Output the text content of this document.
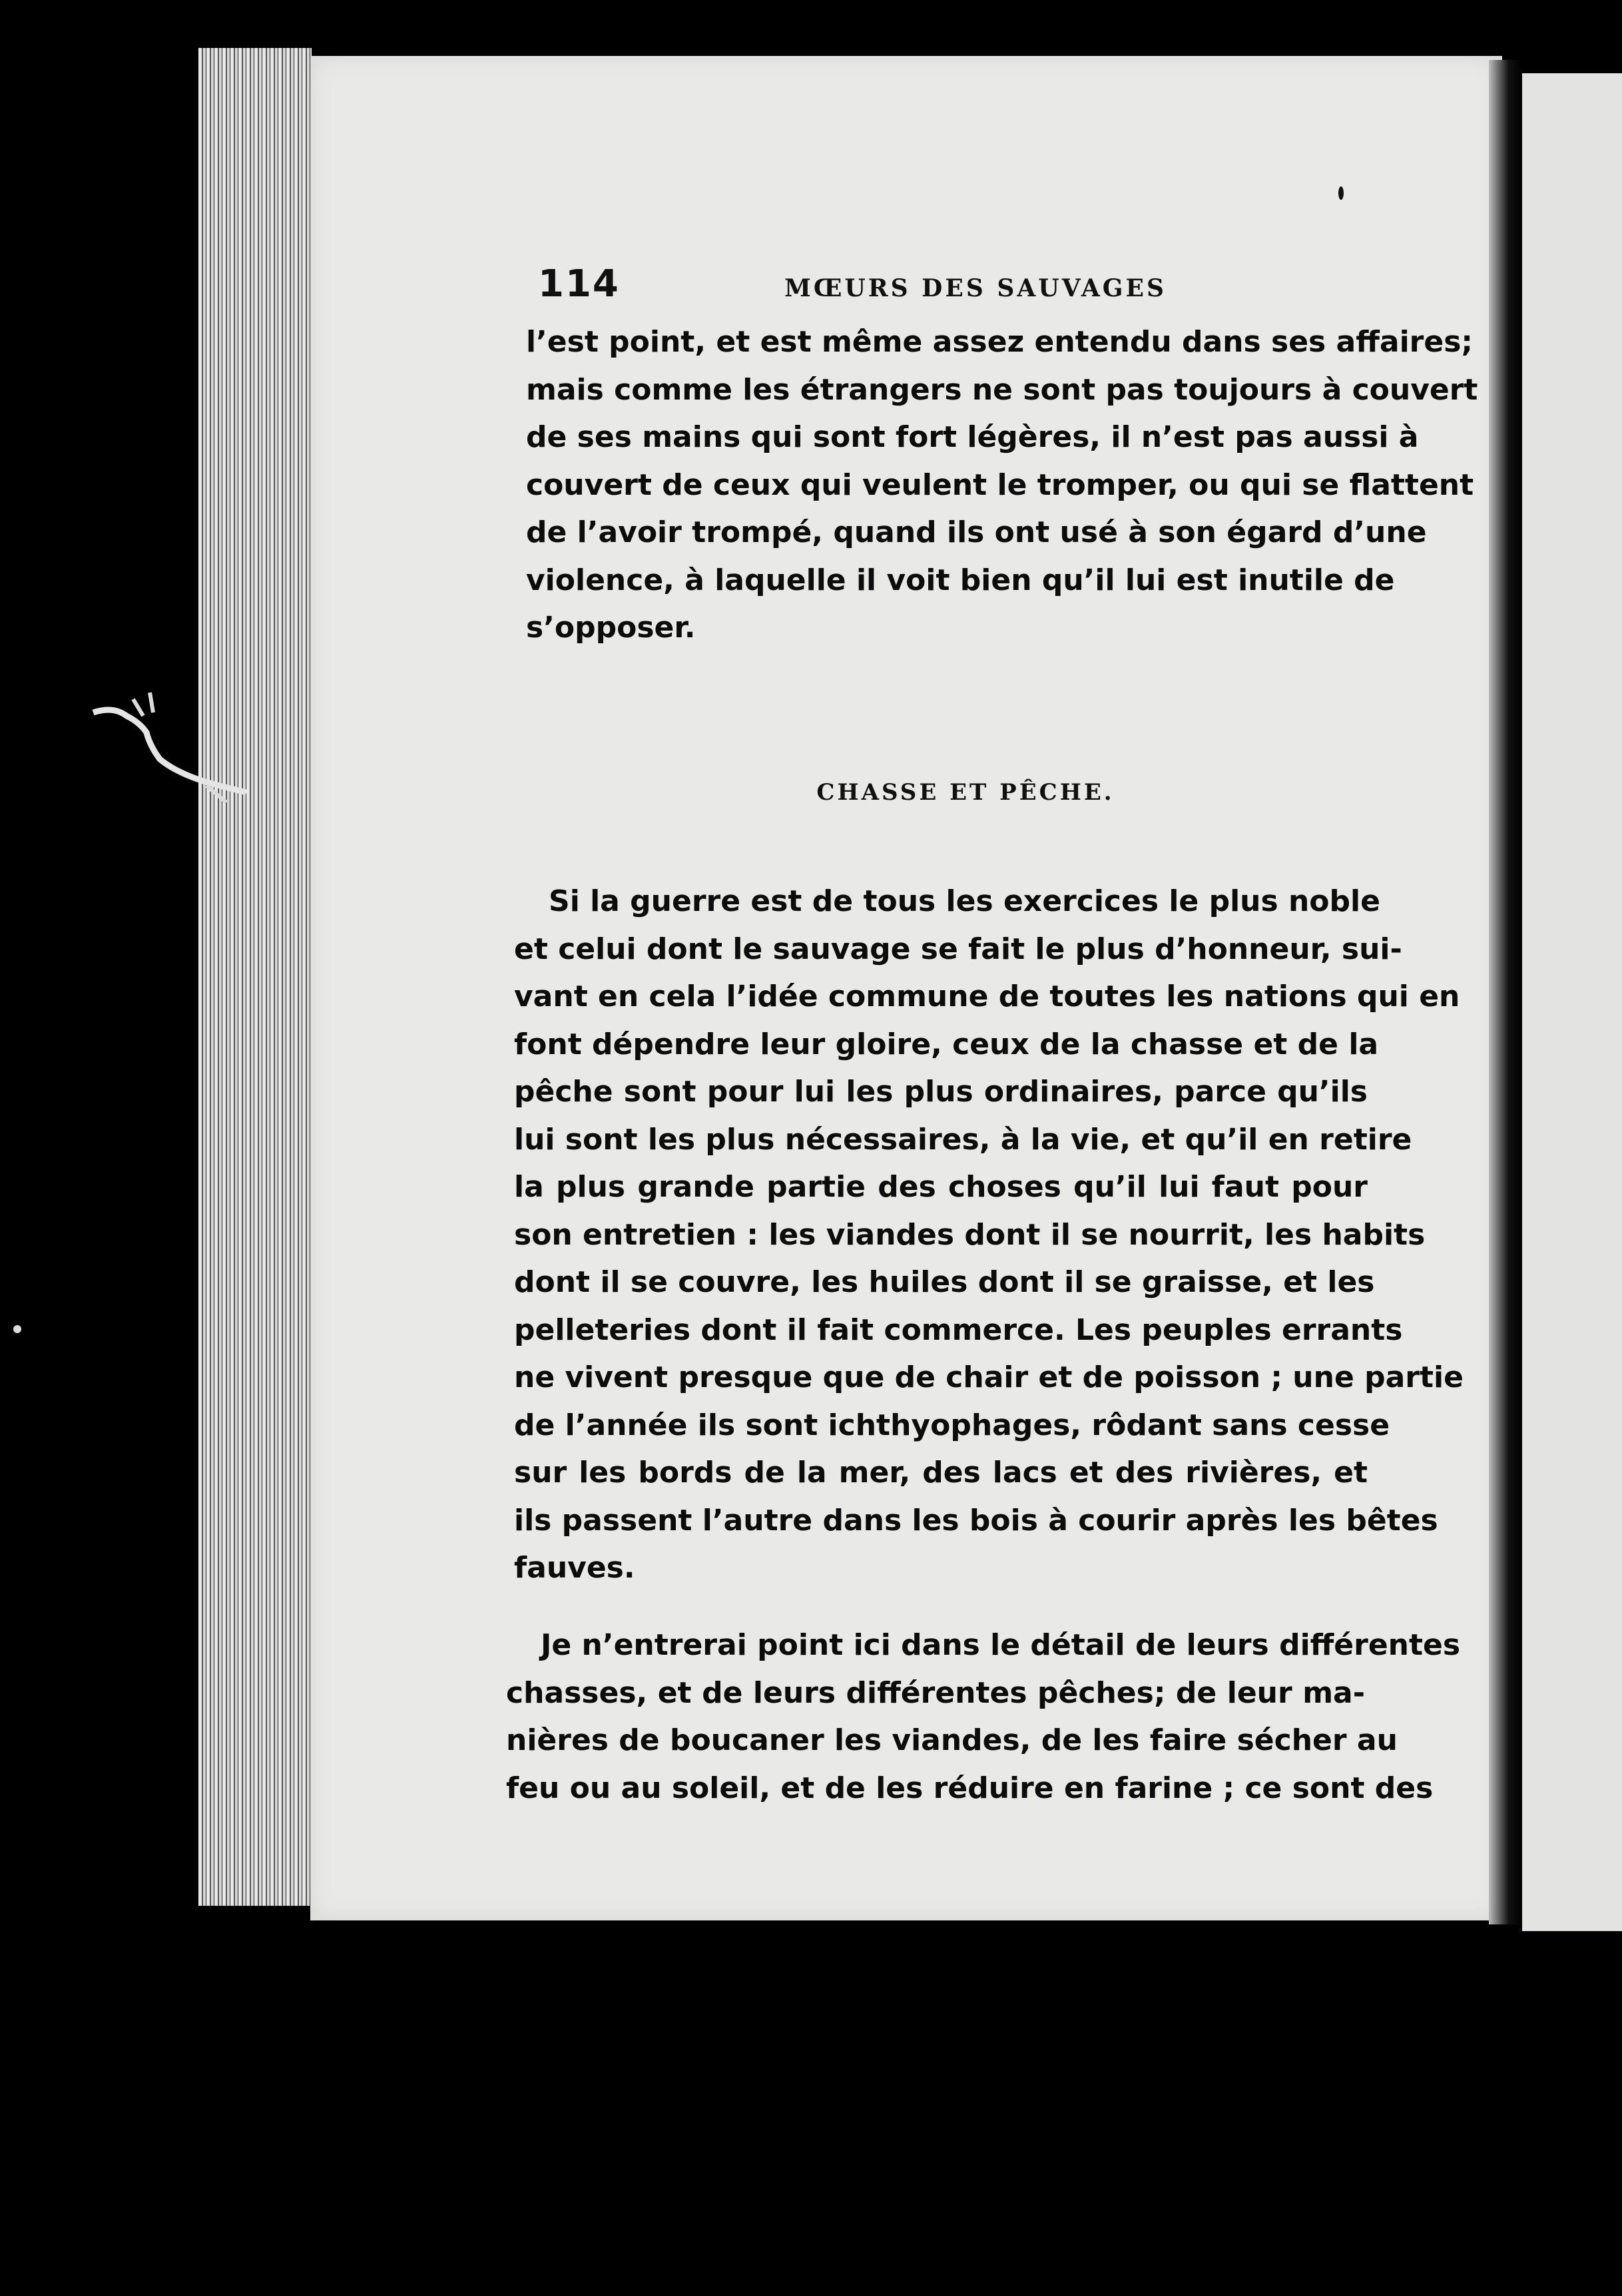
114	MŒURS DES SAUVAGES
l’est point, et est même assez entendu dans ses affaires;
mais comme les étrangers ne sont pas toujours à couvert
de ses mains qui sont fort légères, il n’est pas aussi à
couvert de ceux qui veulent le tromper, ou qui se flattent
de l’avoir trompé, quand ils ont usé à son égard d’une
violence, à laquelle il voit bien qu’il lui est inutile de
s’opposer.
CHASSE ET PÊCHE.
Si la guerre est de tous les exercices le plus noble
et celui dont le sauvage se fait le plus d’honneur, sui-
vant en cela l’idée commune de toutes les nations qui en
font dépendre leur gloire, ceux de la chasse et de la
pêche sont pour lui les plus ordinaires, parce qu’ils
lui sont les plus nécessaires, à la vie, et qu’il en retire
la plus grande partie des choses qu’il lui faut pour
son entretien : les viandes dont il se nourrit, les habits
dont il se couvre, les huiles dont il se graisse, et les
pelleteries dont il fait commerce. Les peuples errants
ne vivent presque que de chair et de poisson ; une partie
de l’année ils sont ichthyophages, rôdant sans cesse
sur les bords de la mer, des lacs et des rivières, et
ils passent l’autre dans les bois à courir après les bêtes
fauves.
Je n’entrerai point ici dans le détail de leurs différentes
chasses, et de leurs différentes pêches; de leur ma-
nières de boucaner les viandes, de les faire sécher au
feu ou au soleil, et de les réduire en farine ; ce sont des
